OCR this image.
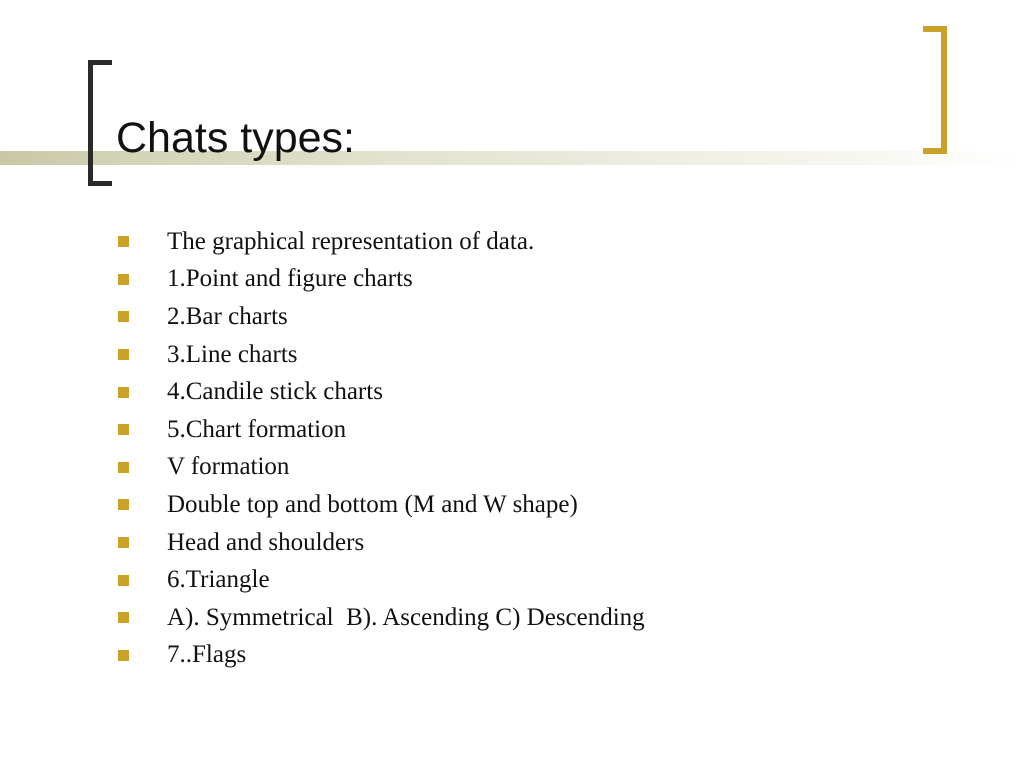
Chats types:
The graphical representation of data.
1.Point and figure charts
2.Bar charts
3.Line charts
4.Candile stick charts
5.Chart formation
V formation
Double top and bottom (M and W shape)
Head and shoulders
6.Triangle
A). Symmetrical  B). Ascending C) Descending
7..Flags
